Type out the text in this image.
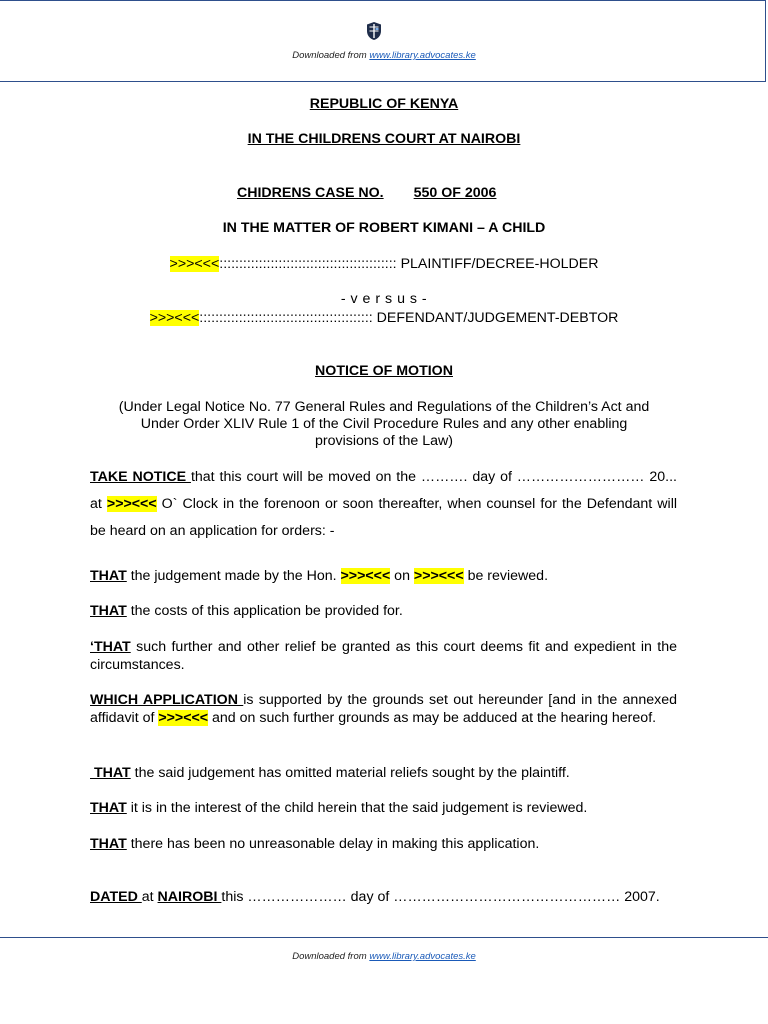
Downloaded from www.library.advocates.ke
REPUBLIC OF KENYA
IN THE CHILDRENS COURT AT NAIROBI
CHIDRENS CASE NO. 550 OF 2006
IN THE MATTER OF ROBERT KIMANI – A CHILD
>>><<<::::::::::::::::::::::::::::::::::::::::::::: PLAINTIFF/DECREE-HOLDER
- v e r s u s -
>>><<<:::::::::::::::::::::::::::::::::::::::::::: DEFENDANT/JUDGEMENT-DEBTOR
NOTICE OF MOTION
(Under Legal Notice No. 77 General Rules and Regulations of the Children’s Act and
Under Order XLIV Rule 1 of the Civil Procedure Rules and any other enabling
provisions of the Law)
TAKE NOTICE that this court will be moved on the ………. day of ……………………… 20... at >>><<< O` Clock in the forenoon or soon thereafter, when counsel for the Defendant will be heard on an application for orders: -
THAT the judgement made by the Hon. >>><<< on >>><<< be reviewed.
THAT the costs of this application be provided for.
‘THAT such further and other relief be granted as this court deems fit and expedient in the circumstances.
WHICH APPLICATION is supported by the grounds set out hereunder [and in the annexed affidavit of >>><<< and on such further grounds as may be adduced at the hearing hereof.
THAT the said judgement has omitted material reliefs sought by the plaintiff.
THAT it is in the interest of the child herein that the said judgement is reviewed.
THAT there has been no unreasonable delay in making this application.
DATED at NAIROBI this ………………… day of ………………………………………… 2007.
Downloaded from www.library.advocates.ke
